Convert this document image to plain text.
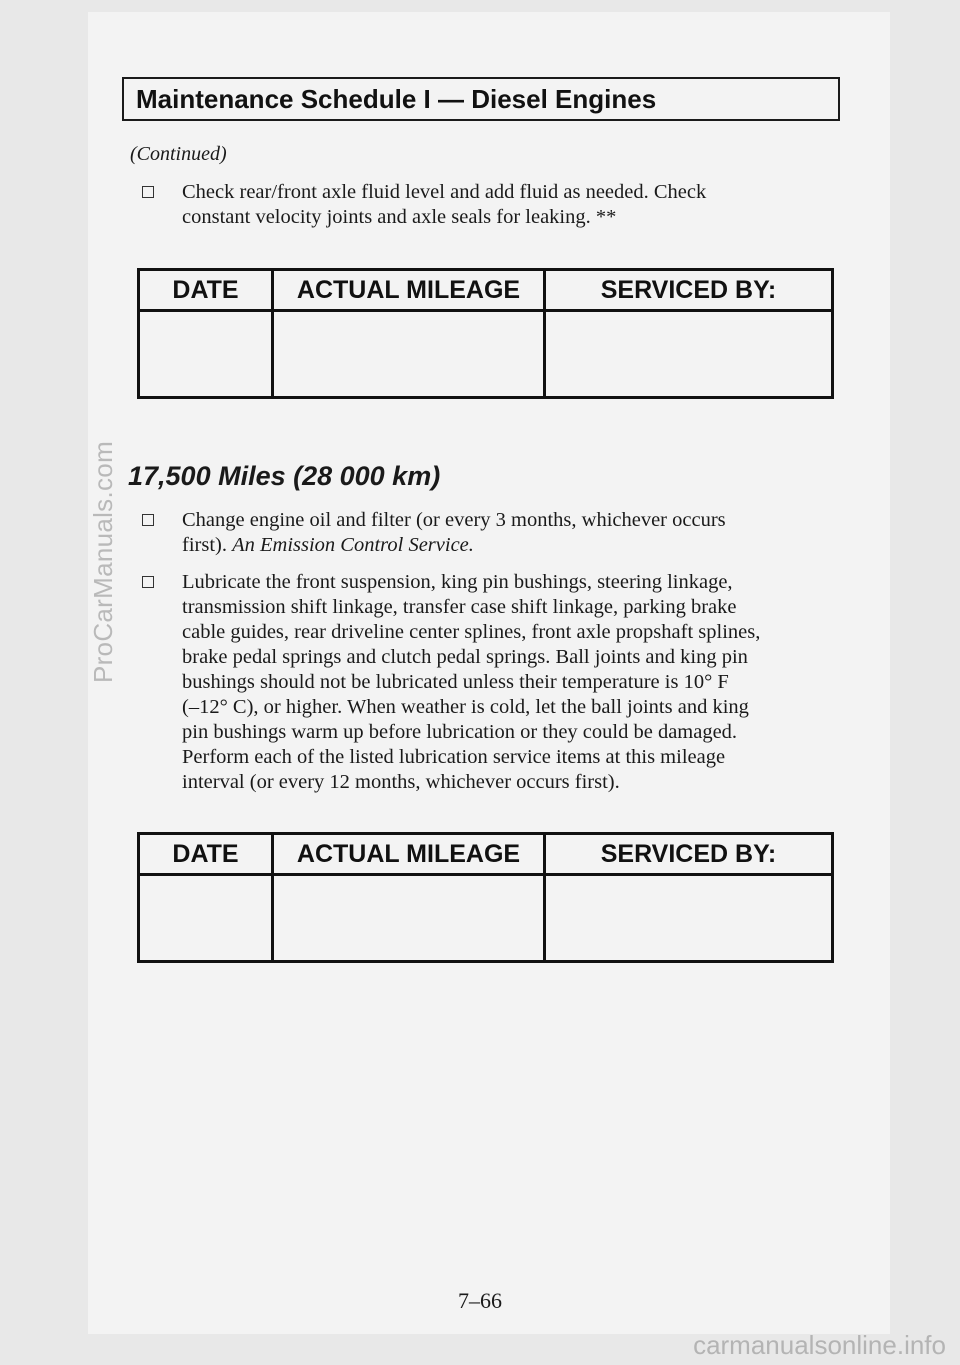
ProCarManuals.com
Maintenance Schedule I — Diesel Engines
(Continued)
Check rear/front axle fluid level and add fluid as needed. Check
constant velocity joints and axle seals for leaking. **
DATE	ACTUAL MILEAGE	SERVICED BY:

17,500 Miles (28 000 km)
Change engine oil and filter (or every 3 months, whichever occurs
first). An Emission Control Service.
Lubricate the front suspension, king pin bushings, steering linkage,
transmission shift linkage, transfer case shift linkage, parking brake
cable guides, rear driveline center splines, front axle propshaft splines,
brake pedal springs and clutch pedal springs. Ball joints and king pin
bushings should not be lubricated unless their temperature is 10° F
(–12° C), or higher. When weather is cold, let the ball joints and king
pin bushings warm up before lubrication or they could be damaged.
Perform each of the listed lubrication service items at this mileage
interval (or every 12 months, whichever occurs first).
DATE	ACTUAL MILEAGE	SERVICED BY:

7–66
carmanualsonline.info
